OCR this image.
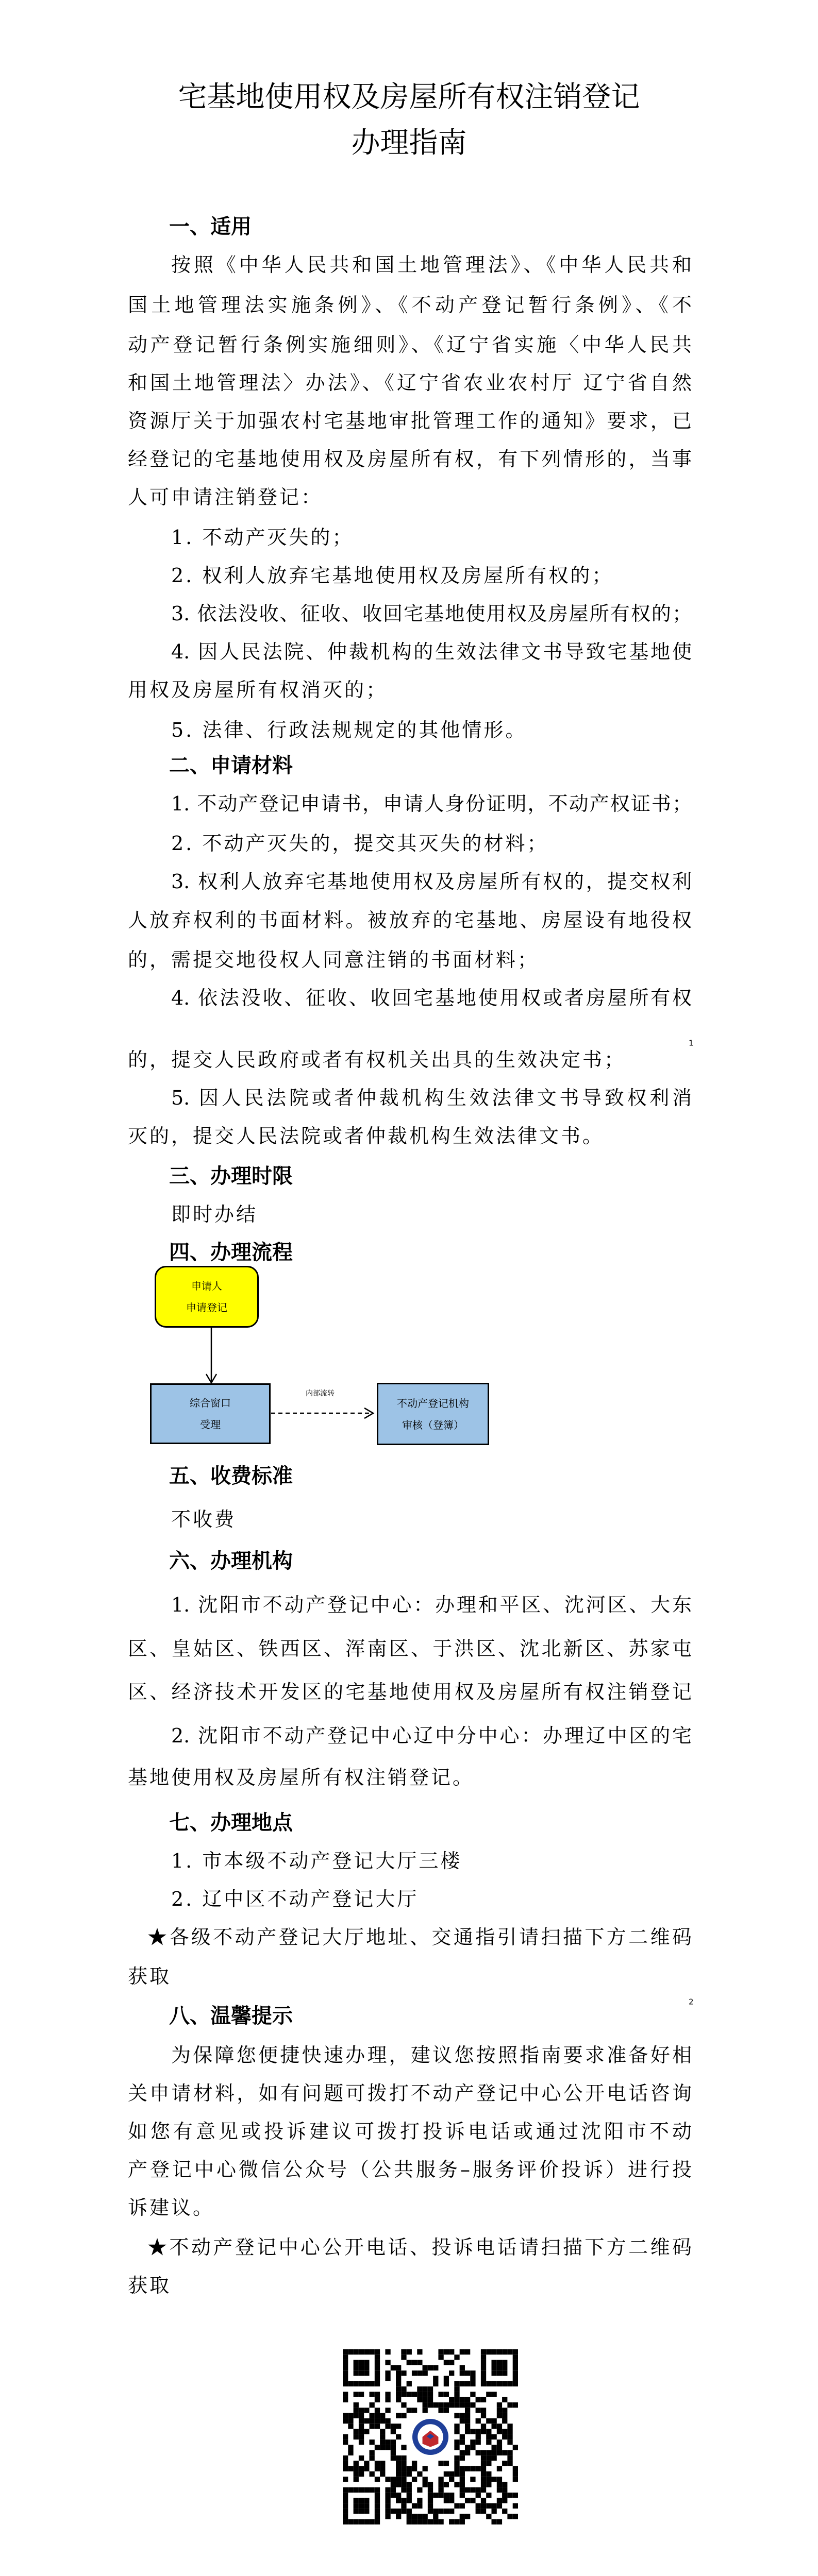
宅基地使用权及房屋所有权注销登记
办理指南
一、适用
按照《中华人民共和国土地管理法》、《中华人民共和
国土地管理法实施条例》、《不动产登记暂行条例》、《不
动产登记暂行条例实施细则》、《辽宁省实施〈中华人民共
和国土地管理法〉办法》、《辽宁省农业农村厅 辽宁省自然
资源厅关于加强农村宅基地审批管理工作的通知》要求，已
经登记的宅基地使用权及房屋所有权，有下列情形的，当事
人可申请注销登记：
1. 不动产灭失的；
2. 权利人放弃宅基地使用权及房屋所有权的；
3. 依法没收、征收、收回宅基地使用权及房屋所有权的；
4. 因人民法院、仲裁机构的生效法律文书导致宅基地使
用权及房屋所有权消灭的；
5. 法律、行政法规规定的其他情形。
二、申请材料
1. 不动产登记申请书，申请人身份证明，不动产权证书；
2. 不动产灭失的，提交其灭失的材料；
3. 权利人放弃宅基地使用权及房屋所有权的，提交权利
人放弃权利的书面材料。被放弃的宅基地、房屋设有地役权
的，需提交地役权人同意注销的书面材料；
4. 依法没收、征收、收回宅基地使用权或者房屋所有权
1
的，提交人民政府或者有权机关出具的生效决定书；
5. 因人民法院或者仲裁机构生效法律文书导致权利消
灭的，提交人民法院或者仲裁机构生效法律文书。
三、办理时限
即时办结
四、办理流程
申请人
申请登记
综合窗口
受理
内部流转
不动产登记机构
审核（登簿）
五、收费标准
不收费
六、办理机构
1. 沈阳市不动产登记中心：办理和平区、沈河区、大东
区、皇姑区、铁西区、浑南区、于洪区、沈北新区、苏家屯
区、经济技术开发区的宅基地使用权及房屋所有权注销登记
2. 沈阳市不动产登记中心辽中分中心：办理辽中区的宅
基地使用权及房屋所有权注销登记。
七、办理地点
1. 市本级不动产登记大厅三楼
2. 辽中区不动产登记大厅
★各级不动产登记大厅地址、交通指引请扫描下方二维码
获取
2
八、温馨提示
为保障您便捷快速办理，建议您按照指南要求准备好相
关申请材料，如有问题可拨打不动产登记中心公开电话咨询
如您有意见或投诉建议可拨打投诉电话或通过沈阳市不动
产登记中心微信公众号（公共服务–服务评价投诉）进行投
诉建议。
★不动产登记中心公开电话、投诉电话请扫描下方二维码
获取
